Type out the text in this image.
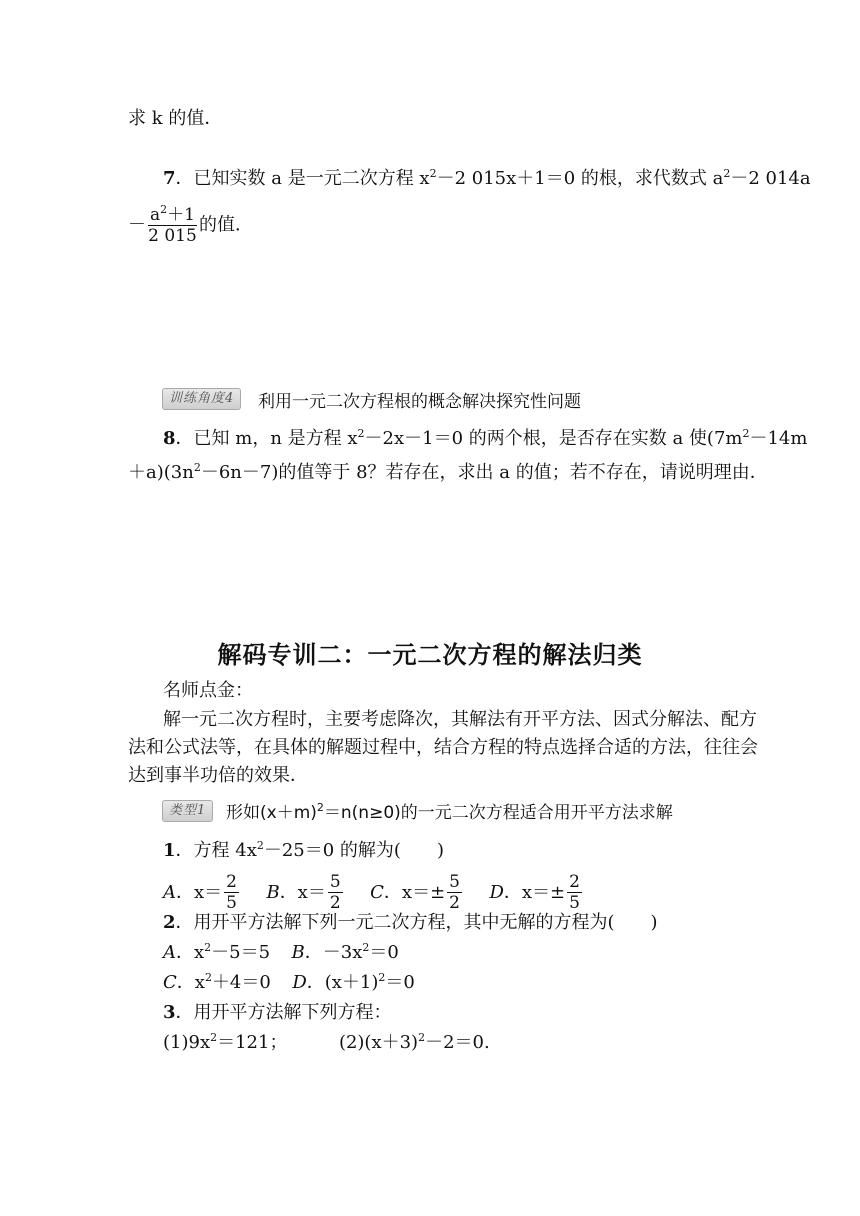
求 k 的值．
7．已知实数 a 是一元二次方程 $x^2-2$ 015x＋1＝0 的根，求代数式 $a^2-2$ 014a
－ $\frac{a^2+1}{2 015}$ 的值．
训练角度4	利用一元二次方程根的概念解决探究性问题
8．已知 m，n 是方程 $x^2-2x-1=0$ 的两个根，是否存在实数 a 使($7m^2-14m$
$+a)(3n^2-6n-7)$的值等于 8？若存在，求出 a 的值；若不存在，请说明理由．
解码专训二：一元二次方程的解法归类
名师点金：
解一元二次方程时，主要考虑降次，其解法有开平方法、因式分解法、配方
法和公式法等，在具体的解题过程中，结合方程的特点选择合适的方法，往往会
达到事半功倍的效果．
类型1	形如$(x+m)^2=n(n\ge 0)$的一元二次方程适合用开平方法求解
1．方程 $4x^2-25=0$ 的解为(　　)
A．$x= \frac{2}{5}$ B．$x= \frac{5}{2}$ C．$x=\pm \frac{5}{2}$ D．$x=\pm \frac{2}{5}$
2．用开平方法解下列一元二次方程，其中无解的方程为(　　)
A．$x^2-5=5$ B．$-3x^2=0$
C．$x^2+4=0$ D．$(x+1)^2=0$
3．用开平方法解下列方程：
$(1)9x^2=121$；	$(2)(x+3)^2-2=0$.
